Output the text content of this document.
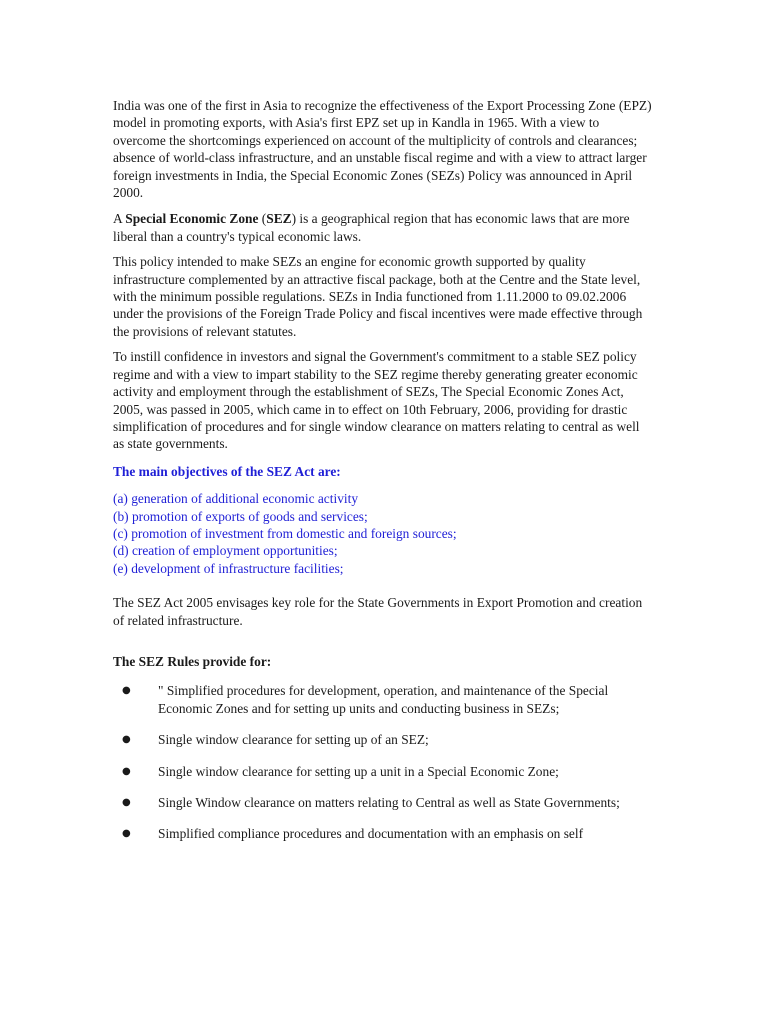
India was one of the first in Asia to recognize the effectiveness of the Export Processing Zone (EPZ) model in promoting exports, with Asia's first EPZ set up in Kandla in 1965. With a view to overcome the shortcomings experienced on account of the multiplicity of controls and clearances; absence of world-class infrastructure, and an unstable fiscal regime and with a view to attract larger foreign investments in India, the Special Economic Zones (SEZs) Policy was announced in April 2000.

A Special Economic Zone (SEZ) is a geographical region that has economic laws that are more liberal than a country's typical economic laws.

This policy intended to make SEZs an engine for economic growth supported by quality infrastructure complemented by an attractive fiscal package, both at the Centre and the State level, with the minimum possible regulations. SEZs in India functioned from 1.11.2000 to 09.02.2006 under the provisions of the Foreign Trade Policy and fiscal incentives were made effective through the provisions of relevant statutes.

To instill confidence in investors and signal the Government's commitment to a stable SEZ policy regime and with a view to impart stability to the SEZ regime thereby generating greater economic activity and employment through the establishment of SEZs, The Special Economic Zones Act, 2005, was passed in 2005, which came in to effect on 10th February, 2006, providing for drastic simplification of procedures and for single window clearance on matters relating to central as well as state governments.

The main objectives of the SEZ Act are:

(a) generation of additional economic activity
(b) promotion of exports of goods and services;
(c) promotion of investment from domestic and foreign sources;
(d) creation of employment opportunities;
(e) development of infrastructure facilities;

The SEZ Act 2005 envisages key role for the State Governments in Export Promotion and creation of related infrastructure.

The SEZ Rules provide for:

● " Simplified procedures for development, operation, and maintenance of the Special Economic Zones and for setting up units and conducting business in SEZs;
● Single window clearance for setting up of an SEZ;
● Single window clearance for setting up a unit in a Special Economic Zone;
● Single Window clearance on matters relating to Central as well as State Governments;
● Simplified compliance procedures and documentation with an emphasis on self
